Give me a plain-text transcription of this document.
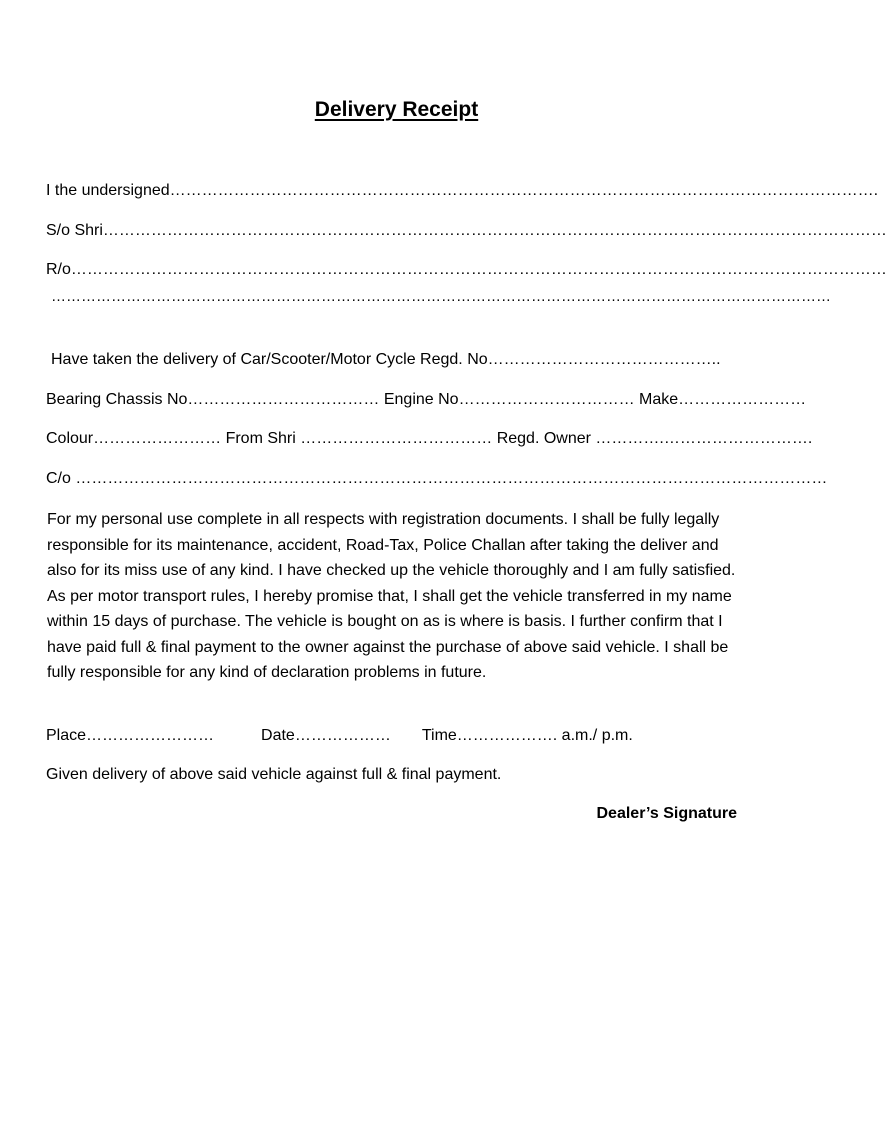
Delivery Receipt
I the undersigned…………………………………………………………………………………………………………………….
S/o Shri…………………………………………………………………………………………………………………………………
R/o………………………………………………………………………………………………………………………………………
…………………………………………………………………………………………………………………………………………
Have taken the delivery of Car/Scooter/Motor Cycle Regd. No……………………………………..
Bearing Chassis No……………………………… Engine No…………………………… Make……………………
Colour…………………… From Shri ……………………………… Regd. Owner ………….……………………….
C/o ……………………………………………………………………………………………………………………………
For my personal use complete in all respects with registration documents. I shall be fully legally responsible for its maintenance, accident, Road-Tax, Police Challan after taking the deliver and also for its miss use of any kind. I have checked up the vehicle thoroughly and I am fully satisfied. As per motor transport rules, I hereby promise that, I shall get the vehicle transferred in my name within 15 days of purchase. The vehicle is bought on as is where is basis. I further confirm that I have paid full & final payment to the owner against the purchase of above said vehicle. I shall be fully responsible for any kind of declaration problems in future.
Place……………………	Date……………… Time………………. a.m./ p.m.
Given delivery of above said vehicle against full & final payment.
Dealer’s Signature
